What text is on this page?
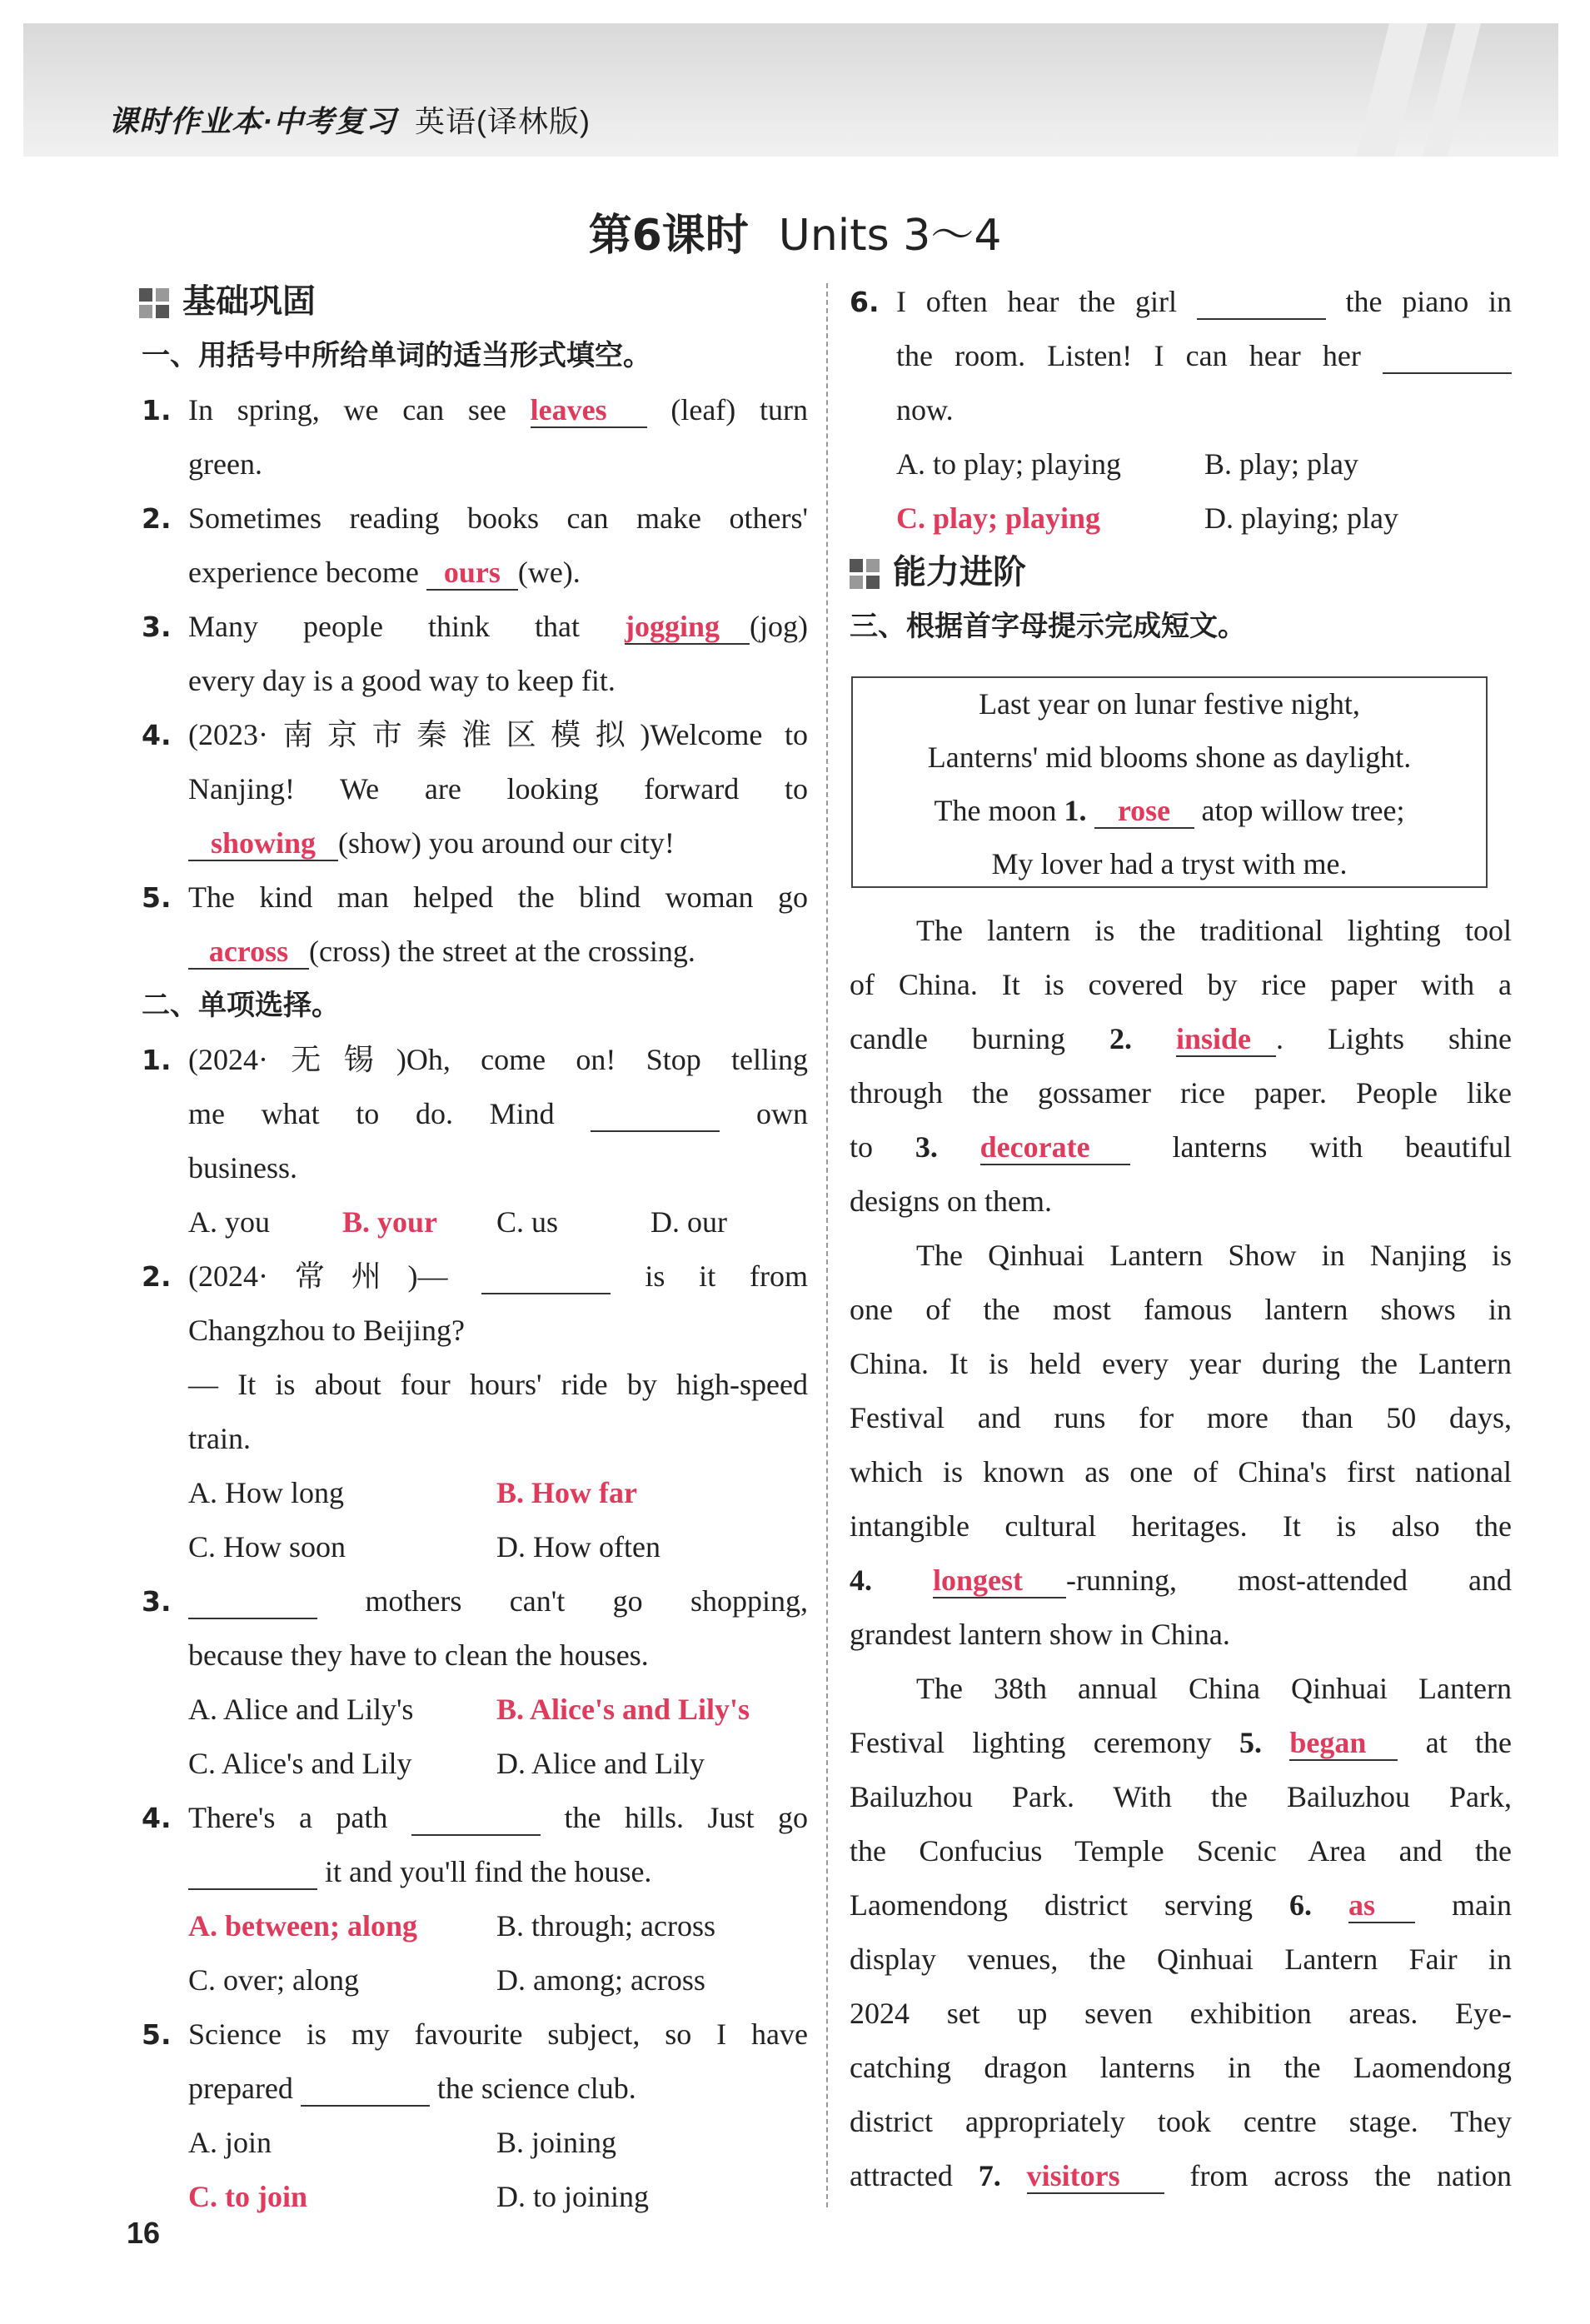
课时作业本·中考复习 英语(译林版)
第6课时 Units 3～4
基础巩固
一、用括号中所给单词的适当形式填空。
1. In spring, we can see leaves (leaf) turn
green.
2. Sometimes reading books can make others'
experience become ours (we).
3. Many people think that jogging (jog)
every day is a good way to keep fit.
4. (2023·南京市秦淮区模拟)Welcome to
Nanjing! We are looking forward to
showing (show) you around our city!
5. The kind man helped the blind woman go
across (cross) the street at the crossing.
二、单项选择。
1. (2024·无锡)Oh, come on! Stop telling
me what to do. Mind	own
business.
A. you B. your C. us	D. our
2. (2024·常州)—	is it from
Changzhou to Beijing?
— It is about four hours' ride by high-speed
train.
A. How long	B. How far
C. How soon	D. How often
3.	mothers can't go shopping,
because they have to clean the houses.
A. Alice and Lily's	B. Alice's and Lily's
C. Alice's and Lily	D. Alice and Lily
4. There's a path	the hills. Just go
it and you'll find the house.
A. between; along	B. through; across
C. over; along	D. among; across
5. Science is my favourite subject, so I have
prepared	the science club.
A. join	B. joining
C. to join	D. to joining
6. I often hear the girl	the piano in
the room. Listen! I can hear her
now.
A. to play; playing	B. play; play
C. play; playing	D. playing; play
能力进阶
三、根据首字母提示完成短文。
Last year on lunar festive night,
Lanterns' mid blooms shone as daylight.
The moon 1. rose atop willow tree;
My lover had a tryst with me.
The lantern is the traditional lighting tool
of China. It is covered by rice paper with a
candle burning 2. inside . Lights shine
through the gossamer rice paper. People like
to 3. decorate	lanterns with beautiful
designs on them.
The Qinhuai Lantern Show in Nanjing is
one of the most famous lantern shows in
China. It is held every year during the Lantern
Festival and runs for more than 50 days,
which is known as one of China's first national
intangible cultural heritages. It is also the
4. longest -running, most-attended and
grandest lantern show in China.
The 38th annual China Qinhuai Lantern
Festival lighting ceremony 5. began at the
Bailuzhou Park. With the Bailuzhou Park,
the Confucius Temple Scenic Area and the
Laomendong district serving 6. as	main
display venues, the Qinhuai Lantern Fair in
2024 set up seven exhibition areas. Eye-
catching dragon lanterns in the Laomendong
district appropriately took centre stage. They
attracted 7. visitors from across the nation
16
